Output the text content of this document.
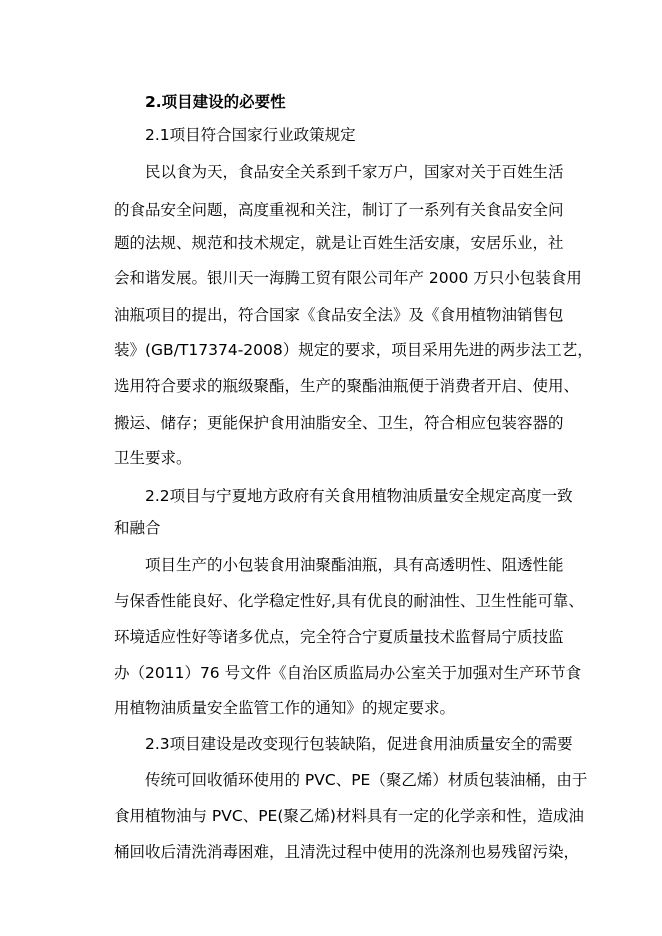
2.项目建设的必要性
2.1项目符合国家行业政策规定
民以食为天，食品安全关系到千家万户，国家对关于百姓生活
的食品安全问题，高度重视和关注，制订了一系列有关食品安全问
题的法规、规范和技术规定，就是让百姓生活安康，安居乐业，社
会和谐发展。银川天一海腾工贸有限公司年产 2000 万只小包装食用
油瓶项目的提出，符合国家《食品安全法》及《食用植物油销售包
装》(GB/T17374-2008）规定的要求，项目采用先进的两步法工艺，
选用符合要求的瓶级聚酯，生产的聚酯油瓶便于消费者开启、使用、
搬运、储存；更能保护食用油脂安全、卫生，符合相应包装容器的
卫生要求。
2.2项目与宁夏地方政府有关食用植物油质量安全规定高度一致
和融合
项目生产的小包装食用油聚酯油瓶，具有高透明性、阻透性能
与保香性能良好、化学稳定性好,具有优良的耐油性、卫生性能可靠、
环境适应性好等诸多优点，完全符合宁夏质量技术监督局宁质技监
办（2011）76 号文件《自治区质监局办公室关于加强对生产环节食
用植物油质量安全监管工作的通知》的规定要求。
2.3项目建设是改变现行包装缺陷，促进食用油质量安全的需要
传统可回收循环使用的 PVC、PE（聚乙烯）材质包装油桶，由于
食用植物油与 PVC、PE(聚乙烯)材料具有一定的化学亲和性，造成油
桶回收后清洗消毒困难，且清洗过程中使用的洗涤剂也易残留污染，
